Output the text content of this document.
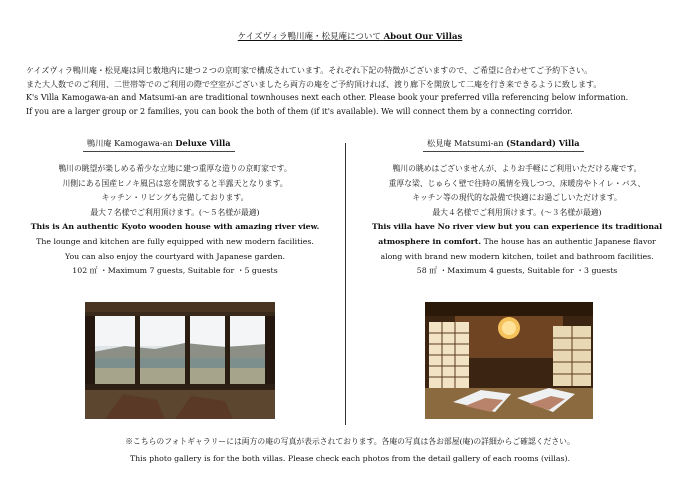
ケイズヴィラ鴨川庵・松見庵について About Our Villas
ケイズヴィラ鴨川庵・松見庵は同じ敷地内に建つ２つの京町家で構成されています。それぞれ下記の特徴がございますので、ご希望に合わせてご予約下さい。
また大人数でのご利用、二世帯等でのご利用の際で空室がございましたら両方の庵をご予約頂ければ、渡り廊下を開放して二庵を行き来できるように致します。
K's Villa Kamogawa-an and Matsumi-an are traditional townhouses next each other. Please book your preferred villa referencing below information.
If you are a larger group or 2 families, you can book the both of them (if it's available). We will connect them by a connecting corridor.
鴨川庵 Kamogawa-an Deluxe Villa	松見庵 Matsumi-an (Standard) Villa
鴨川の眺望が楽しめる希少な立地に建つ重厚な造りの京町家です。
川側にある国産ヒノキ風呂は窓を開放すると半露天となります。
キッチン・リビングも完備しております。
最大７名様でご利用頂けます。(～５名様が最適)
This is An authentic Kyoto wooden house with amazing river view.
The lounge and kitchen are fully equipped with new modern facilities.
You can also enjoy the courtyard with Japanese garden.
102 ㎡ ・Maximum 7 guests, Suitable for ・5 guests
鴨川の眺めはございませんが、よりお手軽にご利用いただける庵です。
重厚な梁、じゅらく壁で往時の風情を残しつつ、床暖房やトイレ・バス、
キッチン等の現代的な設備で快適にお過ごしいただけます。
最大４名様でご利用頂けます。(～３名様が最適)
This villa have No river view but you can experience its traditional
atmosphere in comfort. The house has an authentic Japanese flavor
along with brand new modern kitchen, toilet and bathroom facilities.
58 ㎡ ・Maximum 4 guests, Suitable for ・3 guests
※こちらのフォトギャラリーには両方の庵の写真が表示されております。各庵の写真は各お部屋(庵)の詳細からご確認ください。
This photo gallery is for the both villas. Please check each photos from the detail gallery of each rooms (villas).
